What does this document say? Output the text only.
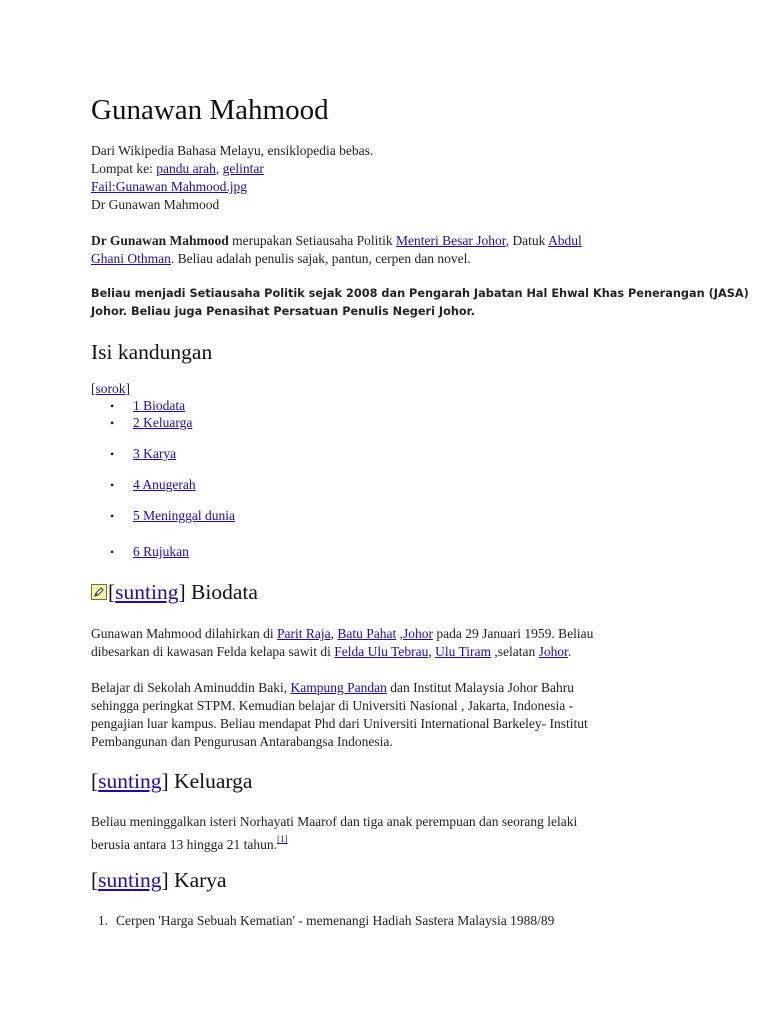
Gunawan Mahmood
Dari Wikipedia Bahasa Melayu, ensiklopedia bebas.
Lompat ke: pandu arah, gelintar
Fail:Gunawan Mahmood.jpg
Dr Gunawan Mahmood
Dr Gunawan Mahmood merupakan Setiausaha Politik Menteri Besar Johor, Datuk Abdul
Ghani Othman. Beliau adalah penulis sajak, pantun, cerpen dan novel.
Beliau menjadi Setiausaha Politik sejak 2008 dan Pengarah Jabatan Hal Ehwal Khas Penerangan (JASA)
Johor. Beliau juga Penasihat Persatuan Penulis Negeri Johor.
Isi kandungan
[sorok]
• 1 Biodata
• 2 Keluarga
• 3 Karya
• 4 Anugerah
• 5 Meninggal dunia
• 6 Rujukan
[sunting] Biodata
Gunawan Mahmood dilahirkan di Parit Raja, Batu Pahat ,Johor pada 29 Januari 1959. Beliau
dibesarkan di kawasan Felda kelapa sawit di Felda Ulu Tebrau, Ulu Tiram ,selatan Johor.
Belajar di Sekolah Aminuddin Baki, Kampung Pandan dan Institut Malaysia Johor Bahru
sehingga peringkat STPM. Kemudian belajar di Universiti Nasional , Jakarta, Indonesia -
pengajian luar kampus. Beliau mendapat Phd dari Universiti International Barkeley- Institut
Pembangunan dan Pengurusan Antarabangsa Indonesia.
[sunting] Keluarga
Beliau meninggalkan isteri Norhayati Maarof dan tiga anak perempuan dan seorang lelaki
berusia antara 13 hingga 21 tahun.[1]
[sunting] Karya
1. Cerpen 'Harga Sebuah Kematian' - memenangi Hadiah Sastera Malaysia 1988/89
